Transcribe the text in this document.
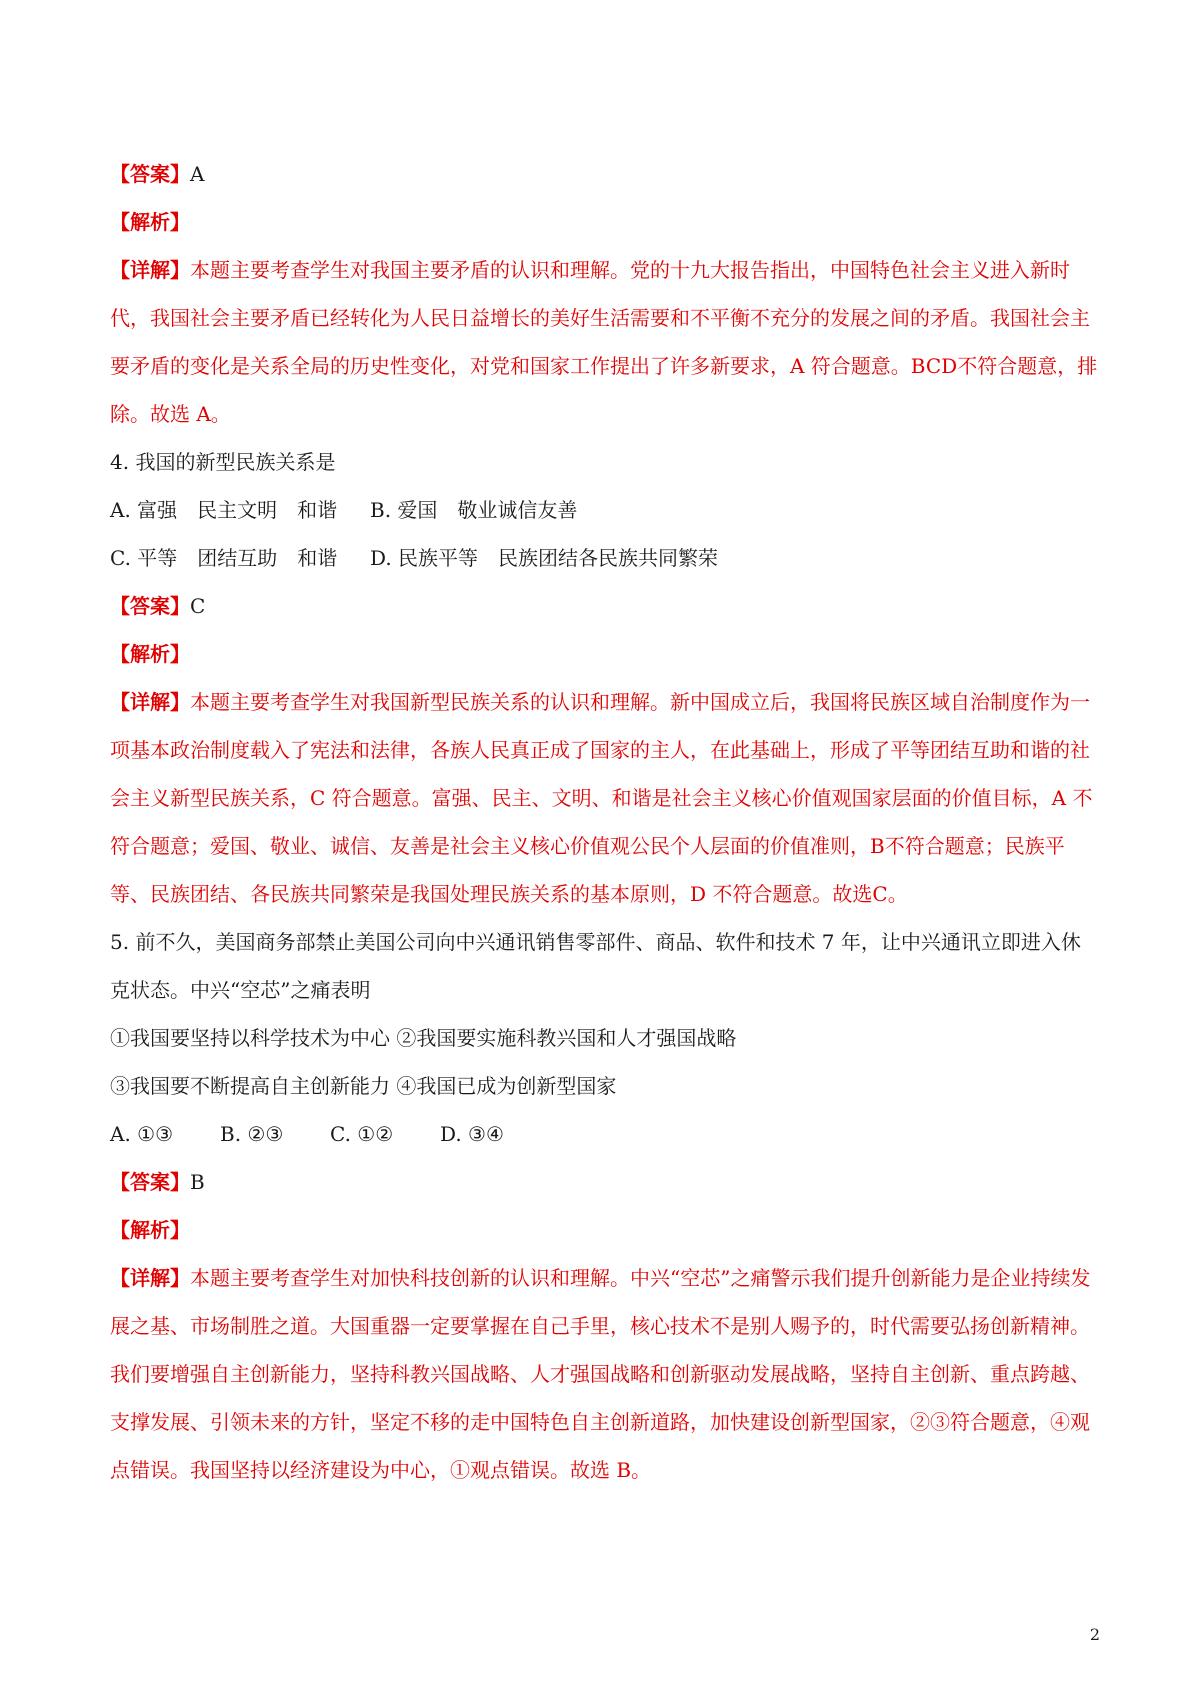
【答案】A
【解析】
【详解】本题主要考查学生对我国主要矛盾的认识和理解。党的十九大报告指出，中国特色社会主义进入新时代，我国社会主要矛盾已经转化为人民日益增长的美好生活需要和不平衡不充分的发展之间的矛盾。我国社会主要矛盾的变化是关系全局的历史性变化，对党和国家工作提出了许多新要求，A 符合题意。BCD不符合题意，排除。故选 A。
4. 我国的新型民族关系是
A. 富强　民主文明　和谐 B. 爱国　敬业诚信友善
C. 平等　团结互助　和谐 D. 民族平等　民族团结各民族共同繁荣
【答案】C
【解析】
【详解】本题主要考查学生对我国新型民族关系的认识和理解。新中国成立后，我国将民族区域自治制度作为一项基本政治制度载入了宪法和法律，各族人民真正成了国家的主人，在此基础上，形成了平等团结互助和谐的社会主义新型民族关系，C 符合题意。富强、民主、文明、和谐是社会主义核心价值观国家层面的价值目标，A 不符合题意；爱国、敬业、诚信、友善是社会主义核心价值观公民个人层面的价值准则，B不符合题意；民族平等、民族团结、各民族共同繁荣是我国处理民族关系的基本原则，D 不符合题意。故选C。
5. 前不久，美国商务部禁止美国公司向中兴通讯销售零部件、商品、软件和技术 7 年，让中兴通讯立即进入休克状态。中兴“空芯”之痛表明
①我国要坚持以科学技术为中心 ②我国要实施科教兴国和人才强国战略
③我国要不断提高自主创新能力 ④我国已成为创新型国家
A. ①③ B. ②③ C. ①② D. ③④
【答案】B
【解析】
【详解】本题主要考查学生对加快科技创新的认识和理解。中兴“空芯”之痛警示我们提升创新能力是企业持续发展之基、市场制胜之道。大国重器一定要掌握在自己手里，核心技术不是别人赐予的，时代需要弘扬创新精神。我们要增强自主创新能力，坚持科教兴国战略、人才强国战略和创新驱动发展战略，坚持自主创新、重点跨越、支撑发展、引领未来的方针，坚定不移的走中国特色自主创新道路，加快建设创新型国家，②③符合题意，④观点错误。我国坚持以经济建设为中心，①观点错误。故选 B。
2
